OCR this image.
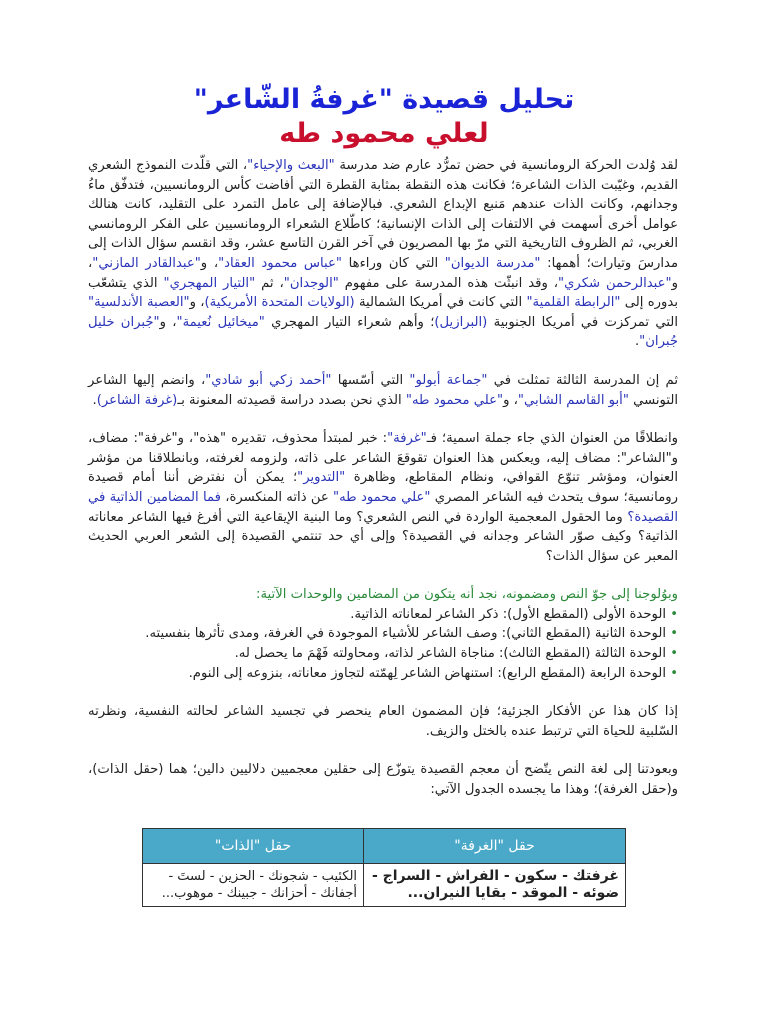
تحليل قصيدة "غرفةُ الشّاعر"
لعلي محمود طه

لقد وُلدت الحركة الرومانسية في حضن تمرُّد عارم ضد مدرسة "البعث والإحياء"، التي قلّدت النموذج الشعري القديم، وغيّبت الذات الشاعرة؛ فكانت هذه النقطة بمثابة القطرة التي أفاضت كأس الرومانسيين، فتدفّق ماءُ وجدانهم، وكانت الذات عندهم مَنبع الإبداع الشعري. فبالإضافة إلى عامل التمرد على التقليد، كانت هنالك عوامل أخرى أسهمت في الالتفات إلى الذات الإنسانية؛ كاطّلاع الشعراء الرومانسيين على الفكر الرومانسي الغربي، ثم الظروف التاريخية التي مرّ بها المصريون في آخر القرن التاسع عشر، وقد انقسم سؤال الذات إلى مدارسَ وتيارات؛ أهمها: "مدرسة الديوان" التي كان وراءها "عباس محمود العقاد"، و"عبدالقادر المازني"، و"عبدالرحمن شكري"، وقد انبثّت هذه المدرسة على مفهوم "الوجدان"، ثم "التيار المهجري" الذي يتشعّب بدوره إلى "الرابطة القلمية" التي كانت في أمريكا الشمالية (الولايات المتحدة الأمريكية)، و"العصبة الأندلسية" التي تمركزت في أمريكا الجنوبية (البرازيل)؛ وأهم شعراء التيار المهجري "ميخائيل نُعيمة"، و"جُبران خليل جُبران".

ثم إن المدرسة الثالثة تمثلت في "جماعة أبولو" التي أسّسها "أحمد زكي أبو شادي"، وانضم إليها الشاعر التونسي "أبو القاسم الشابي"، و"علي محمود طه" الذي نحن بصدد دراسة قصيدته المعنونة بـ(غرفة الشاعر).

وانطلاقًا من العنوان الذي جاء جملة اسمية؛ فـ"غرفة": خبر لمبتدأ محذوف، تقديره "هذه"، و"غرفة": مضاف، و"الشاعر": مضاف إليه، ويعكس هذا العنوان تقوقعَ الشاعر على ذاته، ولزومه لغرفته، وبانطلاقنا من مؤشر العنوان، ومؤشر تنوّع القوافي، ونظام المقاطع، وظاهرة "التدوير"؛ يمكن أن نفترض أننا أمام قصيدة رومانسية؛ سوف يتحدث فيه الشاعر المصري "علي محمود طه" عن ذاته المنكسرة، فما المضامين الذاتية في القصيدة؟ وما الحقول المعجمية الواردة في النص الشعري؟ وما البنية الإيقاعية التي أفرغ فيها الشاعر معاناته الذاتية؟ وكيف صوّر الشاعر وجدانه في القصيدة؟ وإلى أي حد تنتمي القصيدة إلى الشعر العربي الحديث المعبر عن سؤال الذات؟

وبوُلوجنا إلى جوّ النص ومضمونه، نجد أنه يتكون من المضامين والوحدات الآتية:
• الوحدة الأولى (المقطع الأول): ذكر الشاعر لمعاناته الذاتية.
• الوحدة الثانية (المقطع الثاني): وصف الشاعر للأشياء الموجودة في الغرفة، ومدى تأثرها بنفسيته.
• الوحدة الثالثة (المقطع الثالث): مناجاة الشاعر لذاته، ومحاولته فَهْمَ ما يحصل له.
• الوحدة الرابعة (المقطع الرابع): استنهاض الشاعر لِهمّته لتجاوز معاناته، بنزوعه إلى النوم.

إذا كان هذا عن الأفكار الجزئية؛ فإن المضمون العام ينحصر في تجسيد الشاعر لحالته النفسية، ونظرته السّلبية للحياة التي ترتبط عنده بالختل والزيف.

وبعودتنا إلى لغة النص يتّضح أن معجم القصيدة يتوزّع إلى حقلين معجميين دلاليين دالين؛ هما (حقل الذات)، و(حقل الغرفة)؛ وهذا ما يجسده الجدول الآتي:

حقل "الغرفة"	حقل "الذات"
غرفتك - سكون - الفراش - السراج - ضوئه - الموقد - بقايا النيران...	الكئيب - شجونك - الحزين - لستَ - أجفانك - أحزانك - جبينك - موهوب...
